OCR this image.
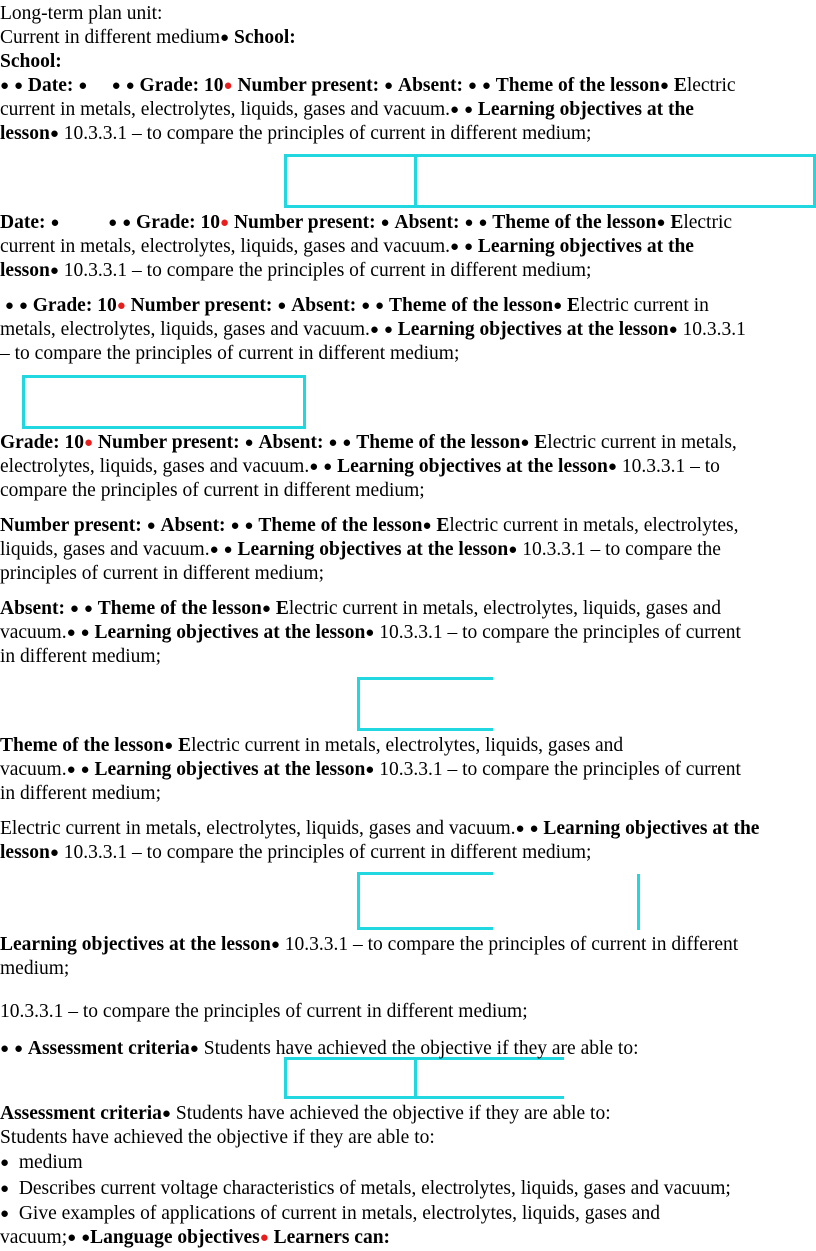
Long-term plan unit:
Current in different medium● School:
School:
● ● Date: ● ● ● Grade: 10● Number present: ● Absent: ● ● Theme of the lesson● Electric
current in metals, electrolytes, liquids, gases and vacuum.● ● Learning objectives at the
lesson● 10.3.3.1 – to compare the principles of current in different medium;
Date: ●	● ● Grade: 10● Number present: ● Absent: ● ● Theme of the lesson● Electric
current in metals, electrolytes, liquids, gases and vacuum.● ● Learning objectives at the
lesson● 10.3.3.1 – to compare the principles of current in different medium;
● ● Grade: 10● Number present: ● Absent: ● ● Theme of the lesson● Electric current in
metals, electrolytes, liquids, gases and vacuum.● ● Learning objectives at the lesson● 10.3.3.1
– to compare the principles of current in different medium;
Grade: 10● Number present: ● Absent: ● ● Theme of the lesson● Electric current in metals,
electrolytes, liquids, gases and vacuum.● ● Learning objectives at the lesson● 10.3.3.1 – to
compare the principles of current in different medium;
Number present: ● Absent: ● ● Theme of the lesson● Electric current in metals, electrolytes,
liquids, gases and vacuum.● ● Learning objectives at the lesson● 10.3.3.1 – to compare the
principles of current in different medium;
Absent: ● ● Theme of the lesson● Electric current in metals, electrolytes, liquids, gases and
vacuum.● ● Learning objectives at the lesson● 10.3.3.1 – to compare the principles of current
in different medium;
Theme of the lesson● Electric current in metals, electrolytes, liquids, gases and
vacuum.● ● Learning objectives at the lesson● 10.3.3.1 – to compare the principles of current
in different medium;
Electric current in metals, electrolytes, liquids, gases and vacuum.● ● Learning objectives at the
lesson● 10.3.3.1 – to compare the principles of current in different medium;
Learning objectives at the lesson● 10.3.3.1 – to compare the principles of current in different
medium;
10.3.3.1 – to compare the principles of current in different medium;
● ● Assessment criteria● Students have achieved the objective if they are able to:
Assessment criteria● Students have achieved the objective if they are able to:
Students have achieved the objective if they are able to:
● medium
● Describes current voltage characteristics of metals, electrolytes, liquids, gases and vacuum;
● Give examples of applications of current in metals, electrolytes, liquids, gases and
vacuum;● ●Language objectives● Learners can:
